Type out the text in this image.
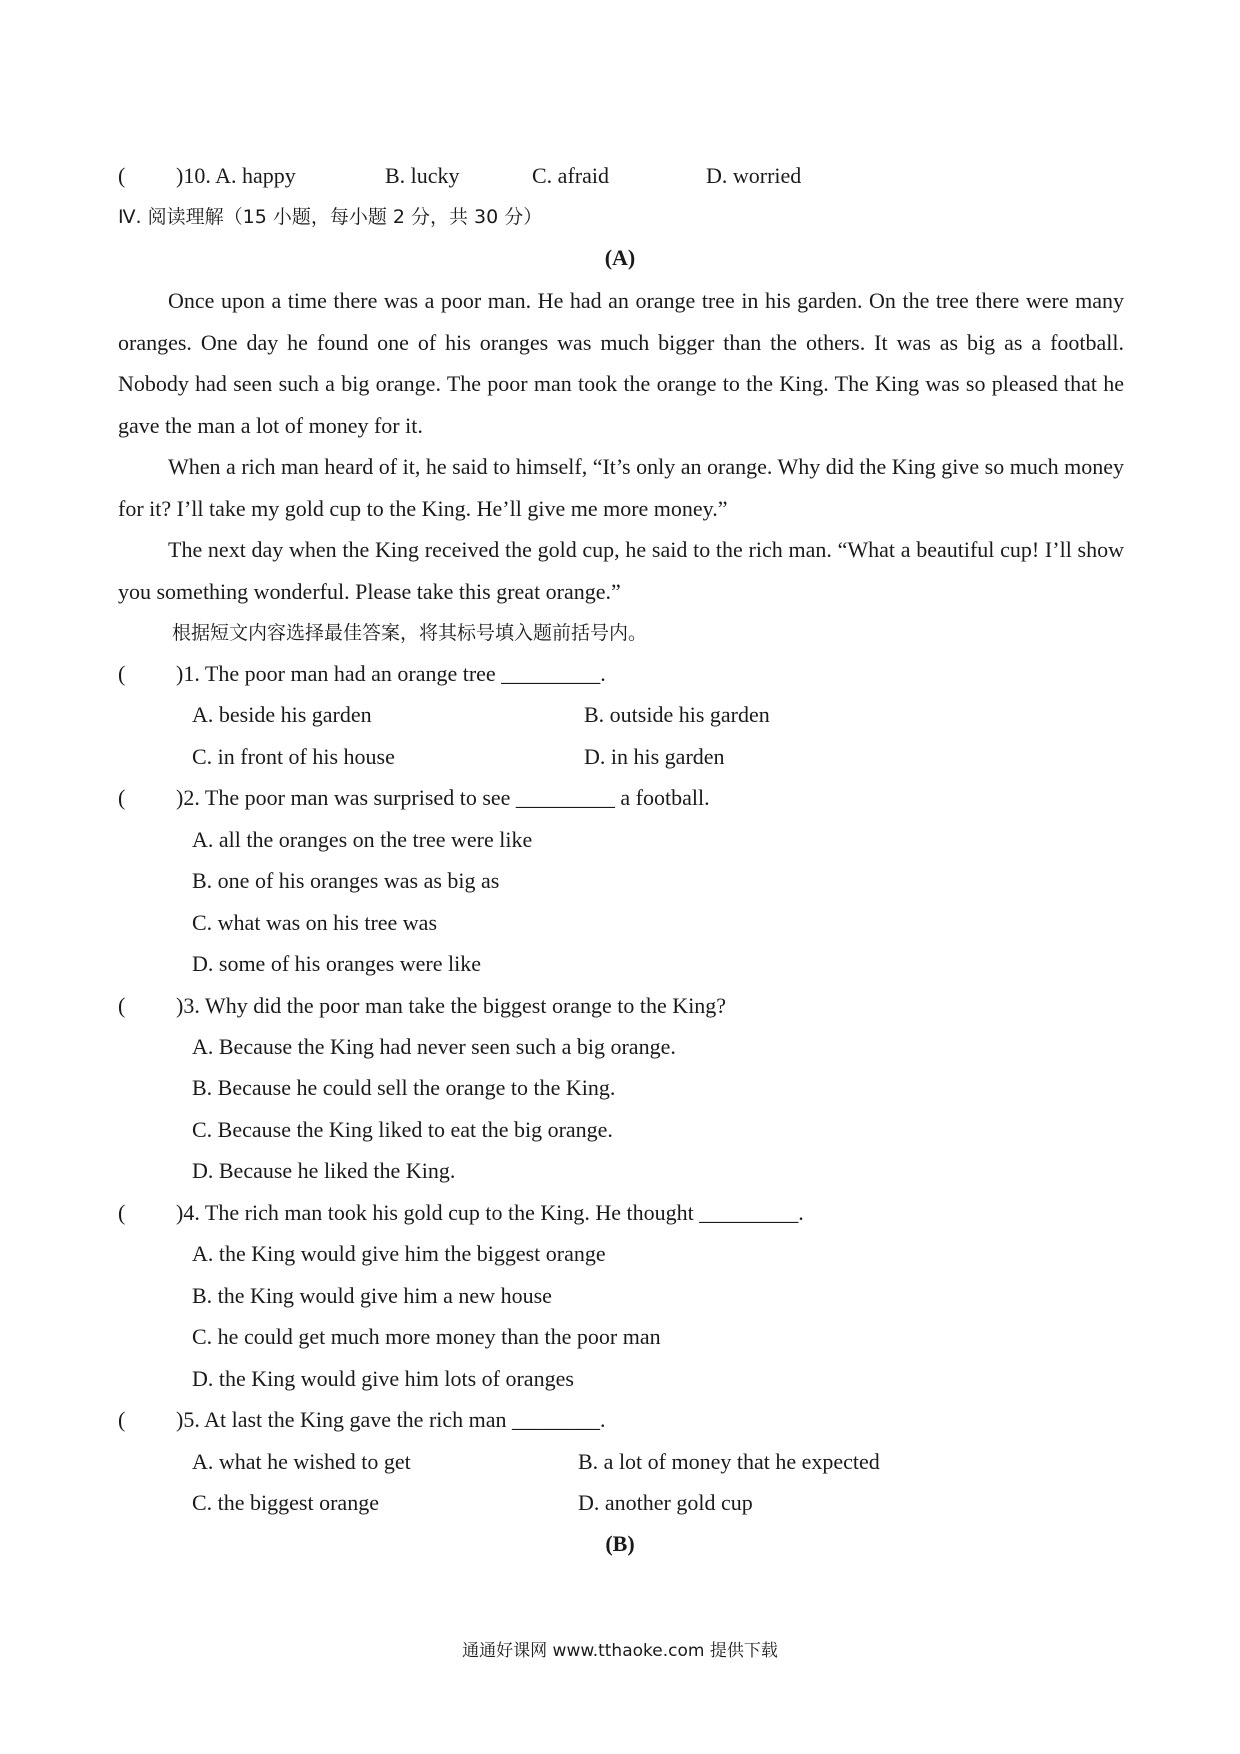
( )10. A. happy	B. lucky	C. afraid	D. worried
Ⅳ. 阅读理解（15 小题，每小题 2 分，共 30 分）
(A)
Once upon a time there was a poor man. He had an orange tree in his garden. On the tree there were many oranges. One day he found one of his oranges was much bigger than the others. It was as big as a football. Nobody had seen such a big orange. The poor man took the orange to the King. The King was so pleased that he gave the man a lot of money for it.
When a rich man heard of it, he said to himself, “It’s only an orange. Why did the King give so much money for it? I’ll take my gold cup to the King. He’ll give me more money.”
The next day when the King received the gold cup, he said to the rich man. “What a beautiful cup! I’ll show you something wonderful. Please take this great orange.”
根据短文内容选择最佳答案，将其标号填入题前括号内。
( )1. The poor man had an orange tree _________.
A. beside his garden	B. outside his garden
C. in front of his house	D. in his garden
( )2. The poor man was surprised to see _________ a football.
A. all the oranges on the tree were like
B. one of his oranges was as big as
C. what was on his tree was
D. some of his oranges were like
( )3. Why did the poor man take the biggest orange to the King?
A. Because the King had never seen such a big orange.
B. Because he could sell the orange to the King.
C. Because the King liked to eat the big orange.
D. Because he liked the King.
( )4. The rich man took his gold cup to the King. He thought _________.
A. the King would give him the biggest orange
B. the King would give him a new house
C. he could get much more money than the poor man
D. the King would give him lots of oranges
( )5. At last the King gave the rich man ________.
A. what he wished to get	B. a lot of money that he expected
C. the biggest orange	D. another gold cup
(B)
通通好课网 www.tthaoke.com 提供下载
